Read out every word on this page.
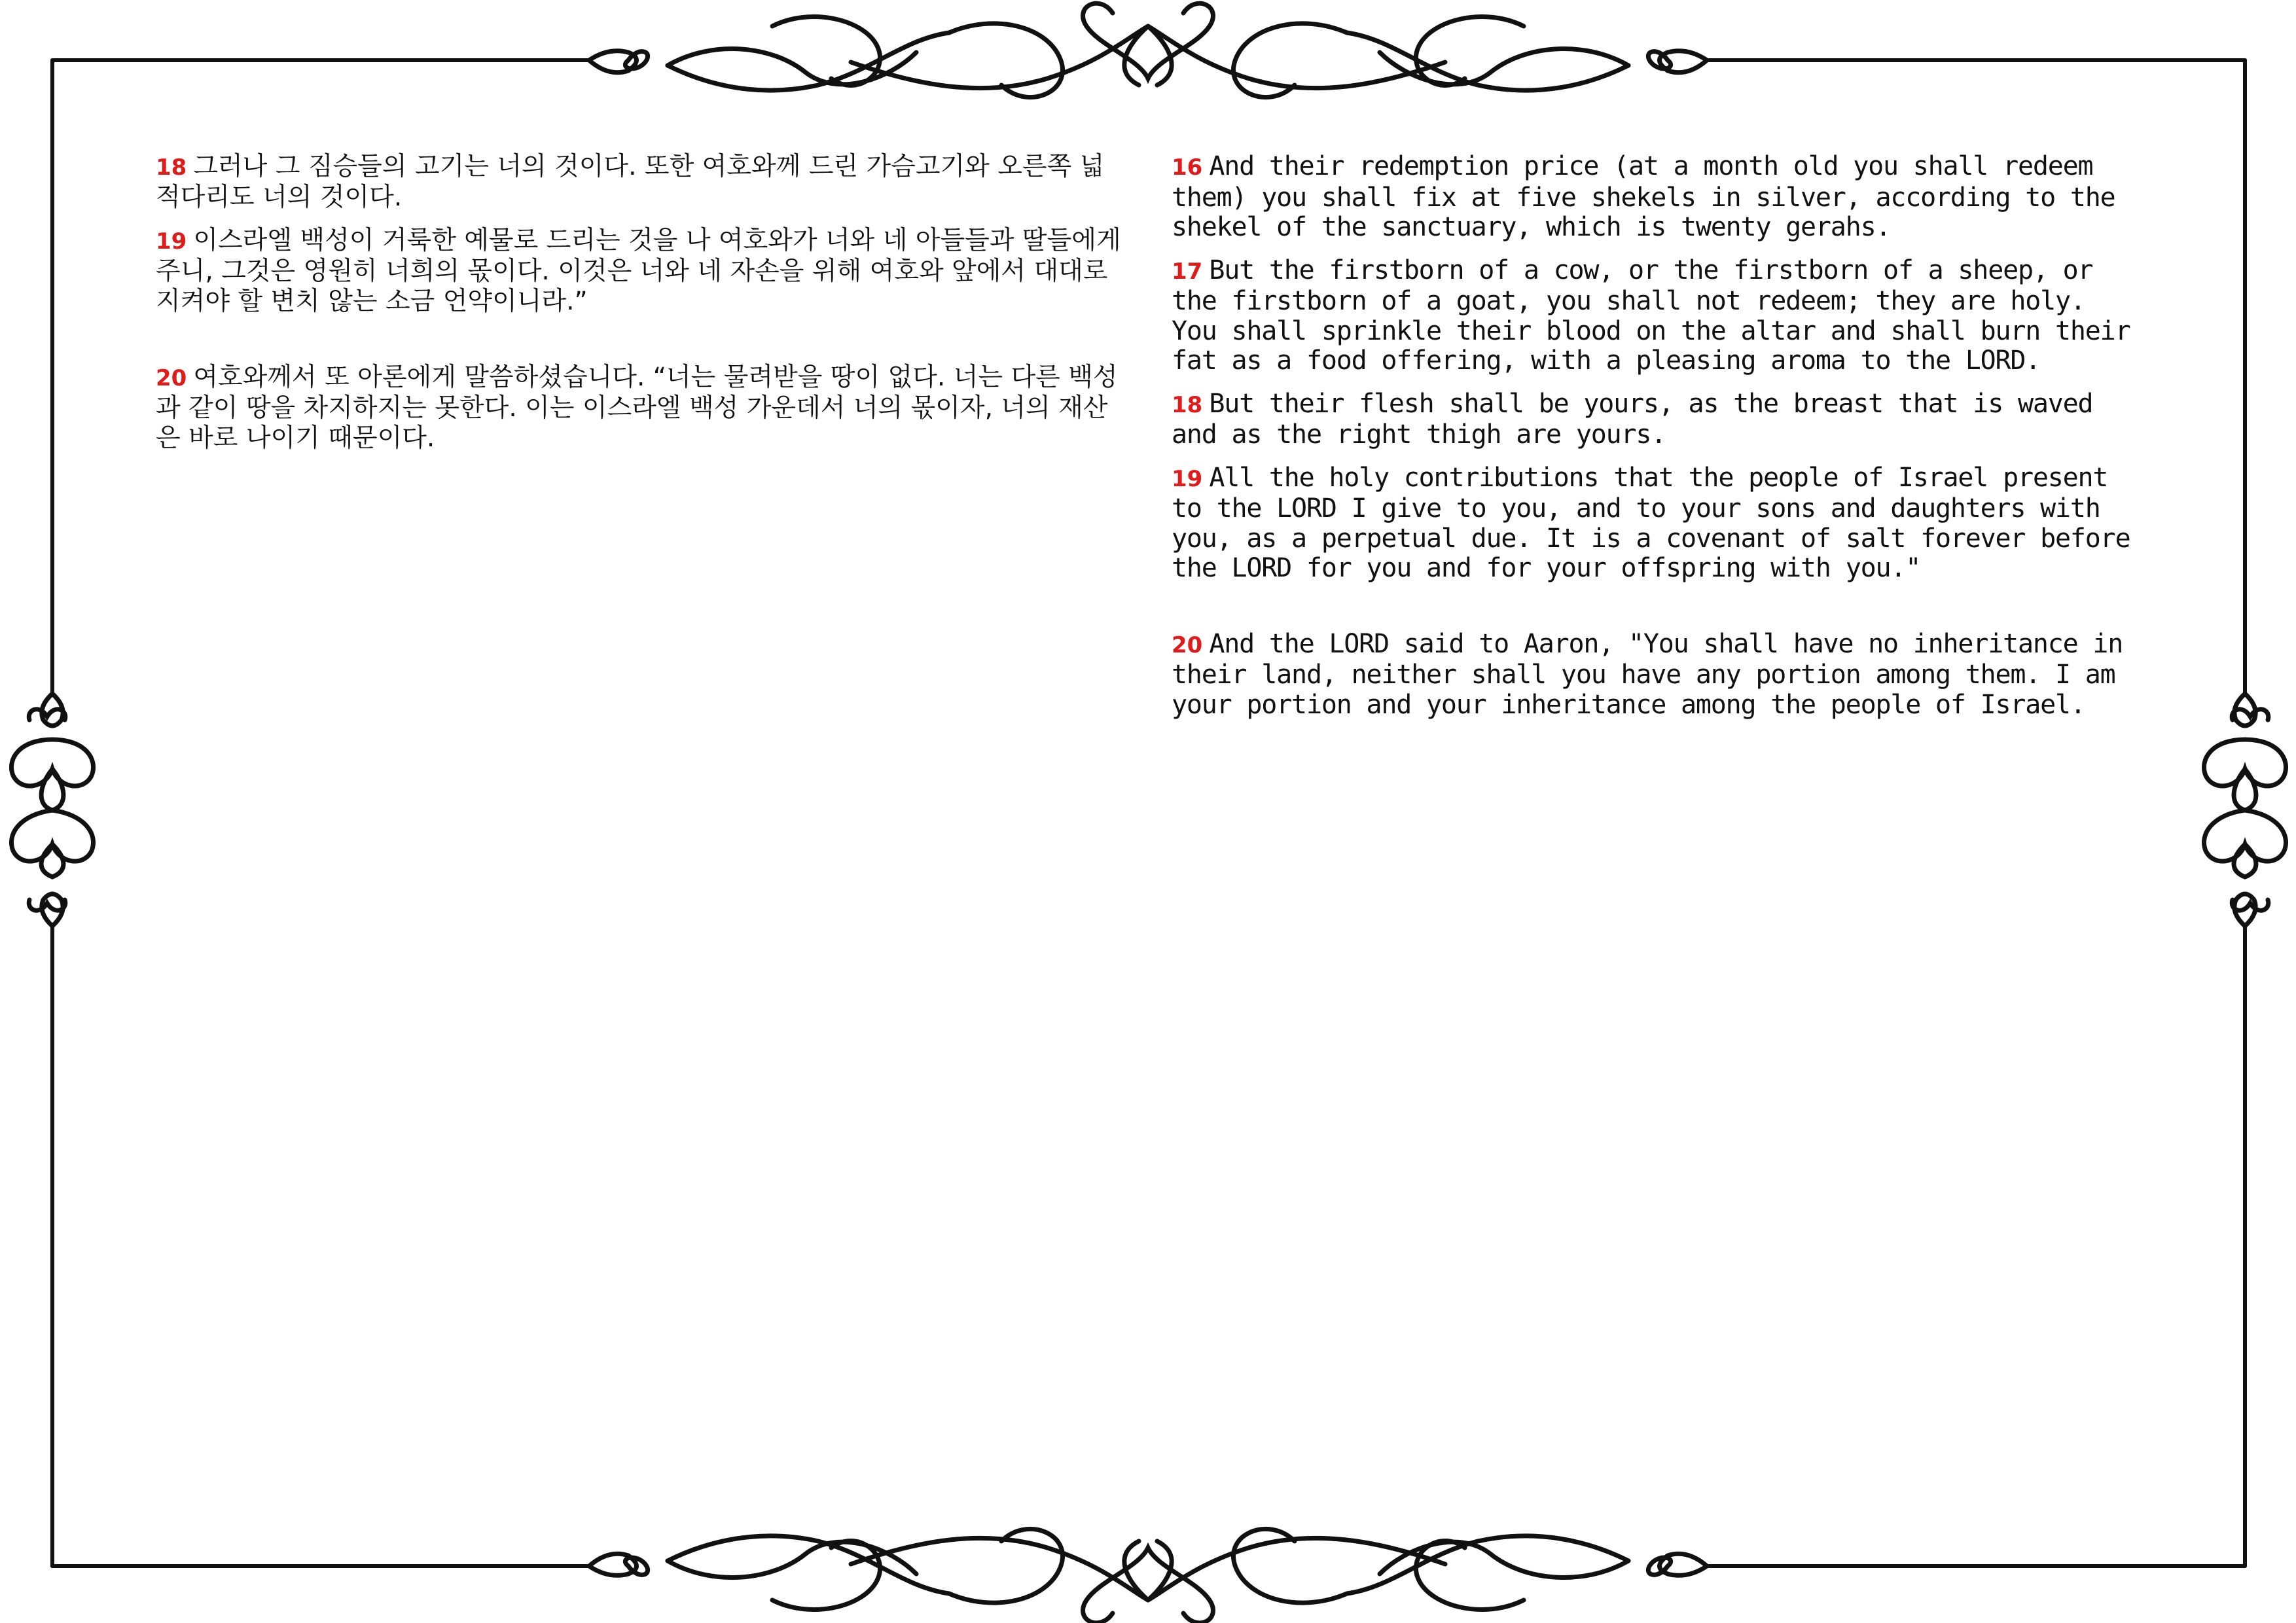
18 그러나 그 짐승들의 고기는 너의 것이다. 또한 여호와께 드린 가슴고기와 오른쪽 넓적다리도 너의 것이다.

19 이스라엘 백성이 거룩한 예물로 드리는 것을 나 여호와가 너와 네 아들들과 딸들에게 주니, 그것은 영원히 너희의 몫이다. 이것은 너와 네 자손을 위해 여호와 앞에서 대대로 지켜야 할 변치 않는 소금 언약이니라.”

20 여호와께서 또 아론에게 말씀하셨습니다. “너는 물려받을 땅이 없다. 너는 다른 백성과 같이 땅을 차지하지는 못한다. 이는 이스라엘 백성 가운데서 너의 몫이자, 너의 재산은 바로 나이기 때문이다.

16 And their redemption price (at a month old you shall redeem them) you shall fix at five shekels in silver, according to the shekel of the sanctuary, which is twenty gerahs.

17 But the firstborn of a cow, or the firstborn of a sheep, or the firstborn of a goat, you shall not redeem; they are holy. You shall sprinkle their blood on the altar and shall burn their fat as a food offering, with a pleasing aroma to the LORD.

18 But their flesh shall be yours, as the breast that is waved and as the right thigh are yours.

19 All the holy contributions that the people of Israel present to the LORD I give to you, and to your sons and daughters with you, as a perpetual due. It is a covenant of salt forever before the LORD for you and for your offspring with you."

20 And the LORD said to Aaron, "You shall have no inheritance in their land, neither shall you have any portion among them. I am your portion and your inheritance among the people of Israel.
